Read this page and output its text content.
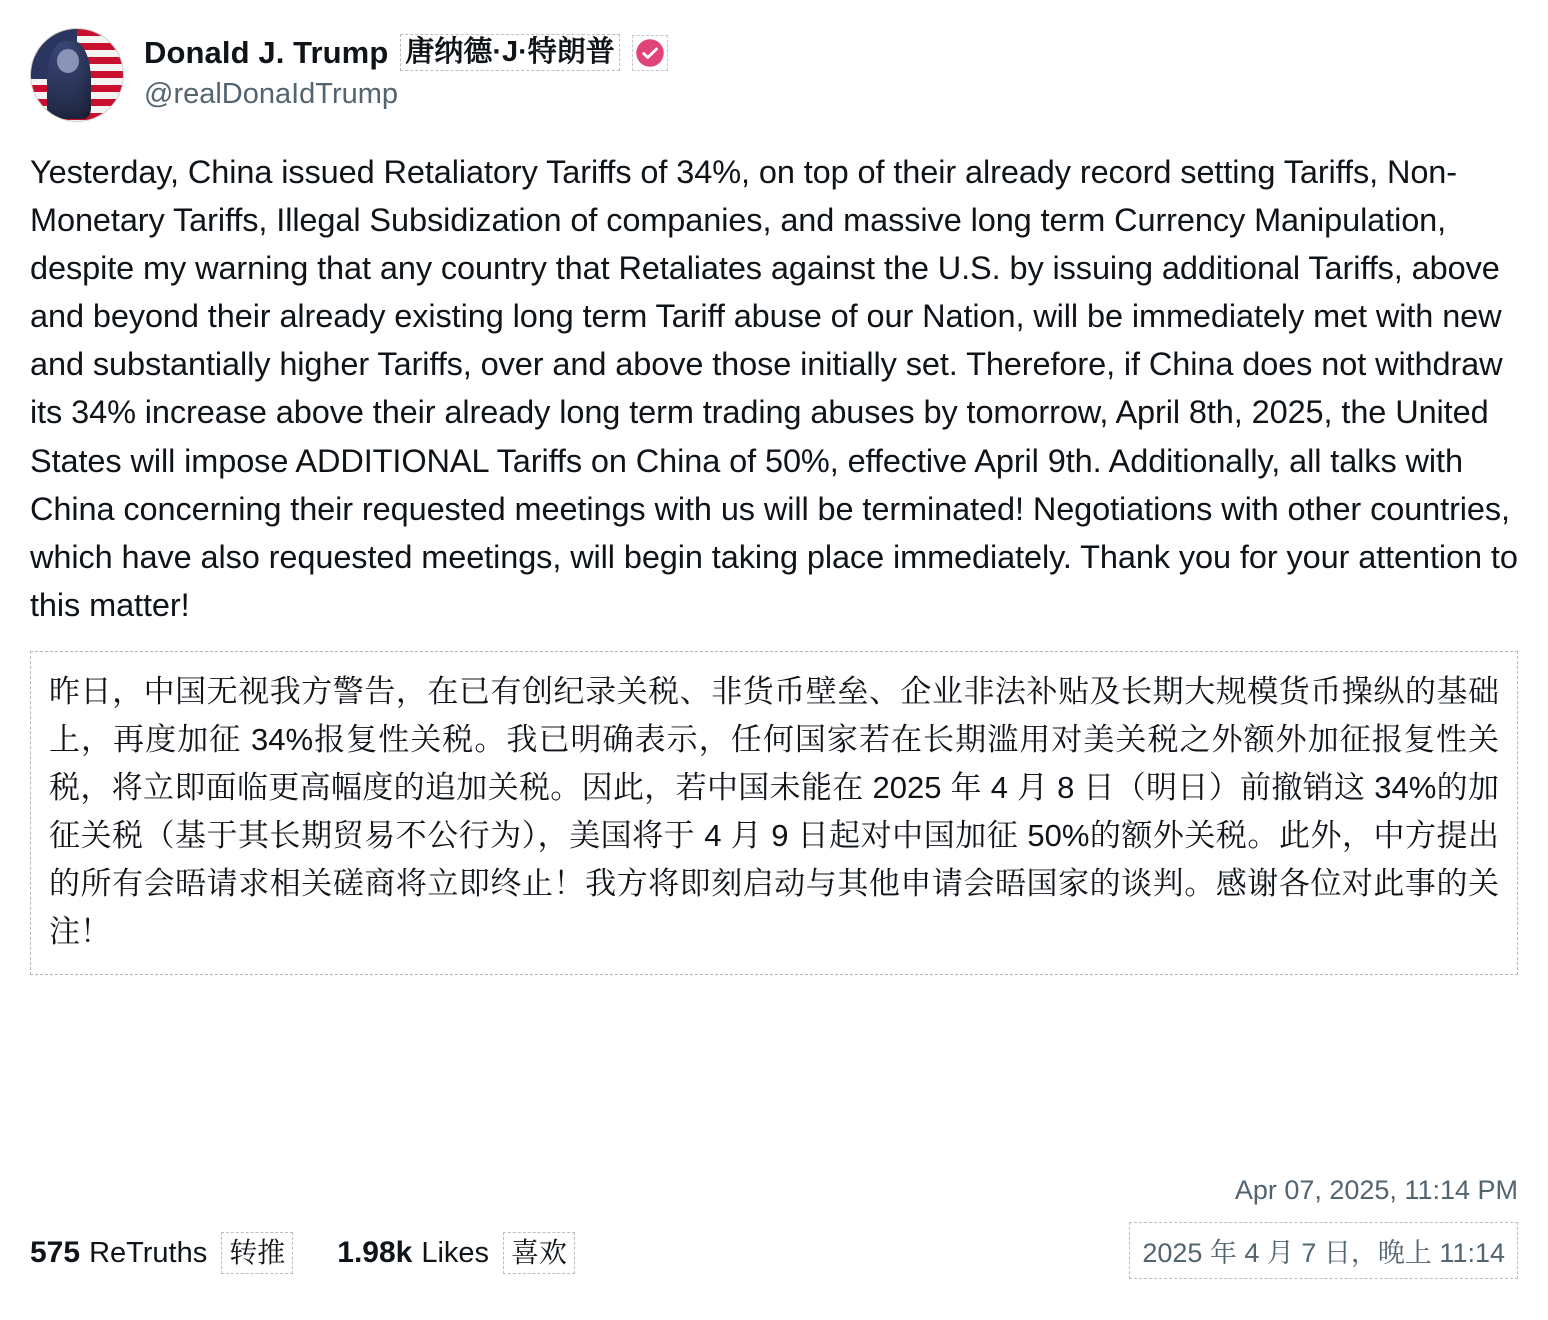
Donald J. Trump 唐纳德·J·特朗普
@realDonaIdTrump
Yesterday, China issued Retaliatory Tariffs of 34%, on top of their already record setting Tariffs, Non-Monetary Tariffs, Illegal Subsidization of companies, and massive long term Currency Manipulation, despite my warning that any country that Retaliates against the U.S. by issuing additional Tariffs, above and beyond their already existing long term Tariff abuse of our Nation, will be immediately met with new and substantially higher Tariffs, over and above those initially set. Therefore, if China does not withdraw its 34% increase above their already long term trading abuses by tomorrow, April 8th, 2025, the United States will impose ADDITIONAL Tariffs on China of 50%, effective April 9th. Additionally, all talks with China concerning their requested meetings with us will be terminated! Negotiations with other countries, which have also requested meetings, will begin taking place immediately. Thank you for your attention to this matter!
昨日，中国无视我方警告，在已有创纪录关税、非货币壁垒、企业非法补贴及长期大规模货币操纵的基础上，再度加征 34%报复性关税。我已明确表示，任何国家若在长期滥用对美关税之外额外加征报复性关税，将立即面临更高幅度的追加关税。因此，若中国未能在 2025 年 4 月 8 日（明日）前撤销这 34%的加征关税（基于其长期贸易不公行为），美国将于 4 月 9 日起对中国加征 50%的额外关税。此外，中方提出的所有会晤请求相关磋商将立即终止！我方将即刻启动与其他申请会晤国家的谈判。感谢各位对此事的关注！
Apr 07, 2025, 11:14 PM
2025 年 4 月 7 日，晚上 11:14
575 ReTruths 转推 1.98k Likes 喜欢
